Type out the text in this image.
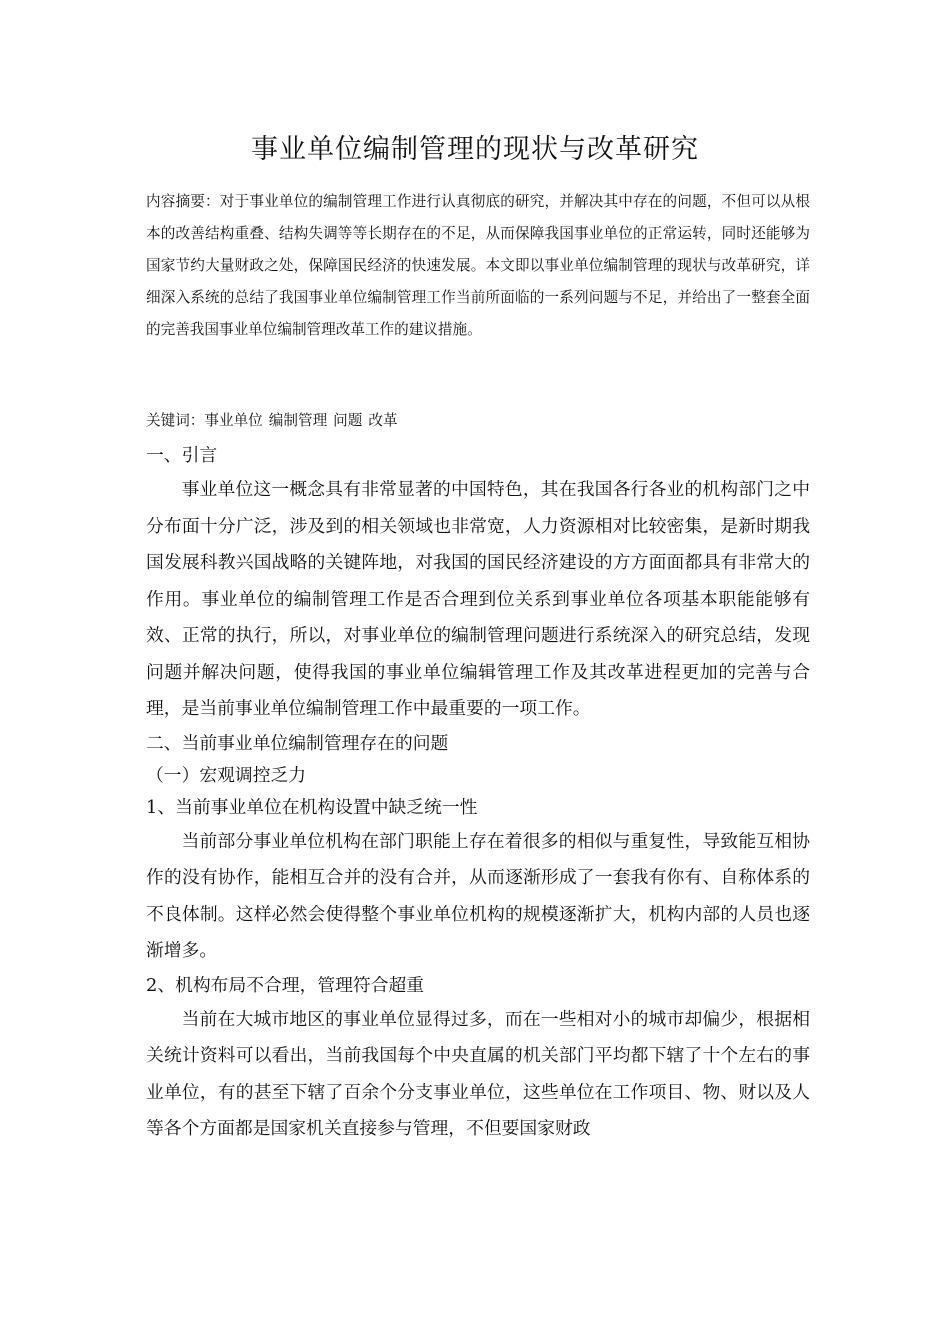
事业单位编制管理的现状与改革研究

内容摘要：对于事业单位的编制管理工作进行认真彻底的研究，并解决其中存在的问题，不但可以从根本的改善结构重叠、结构失调等等长期存在的不足，从而保障我国事业单位的正常运转，同时还能够为国家节约大量财政之处，保障国民经济的快速发展。本文即以事业单位编制管理的现状与改革研究，详细深入系统的总结了我国事业单位编制管理工作当前所面临的一系列问题与不足，并给出了一整套全面的完善我国事业单位编制管理改革工作的建议措施。

关键词：事业单位 编制管理 问题 改革

一、引言

事业单位这一概念具有非常显著的中国特色，其在我国各行各业的机构部门之中分布面十分广泛，涉及到的相关领域也非常宽，人力资源相对比较密集，是新时期我国发展科教兴国战略的关键阵地，对我国的国民经济建设的方方面面都具有非常大的作用。事业单位的编制管理工作是否合理到位关系到事业单位各项基本职能能够有效、正常的执行，所以，对事业单位的编制管理问题进行系统深入的研究总结，发现问题并解决问题，使得我国的事业单位编辑管理工作及其改革进程更加的完善与合理，是当前事业单位编制管理工作中最重要的一项工作。

二、当前事业单位编制管理存在的问题
（一）宏观调控乏力
1、当前事业单位在机构设置中缺乏统一性

当前部分事业单位机构在部门职能上存在着很多的相似与重复性，导致能互相协作的没有协作，能相互合并的没有合并，从而逐渐形成了一套我有你有、自称体系的不良体制。这样必然会使得整个事业单位机构的规模逐渐扩大，机构内部的人员也逐渐增多。

2、机构布局不合理，管理符合超重

当前在大城市地区的事业单位显得过多，而在一些相对小的城市却偏少，根据相关统计资料可以看出，当前我国每个中央直属的机关部门平均都下辖了十个左右的事业单位，有的甚至下辖了百余个分支事业单位，这些单位在工作项目、物、财以及人等各个方面都是国家机关直接参与管理，不但要国家财政
